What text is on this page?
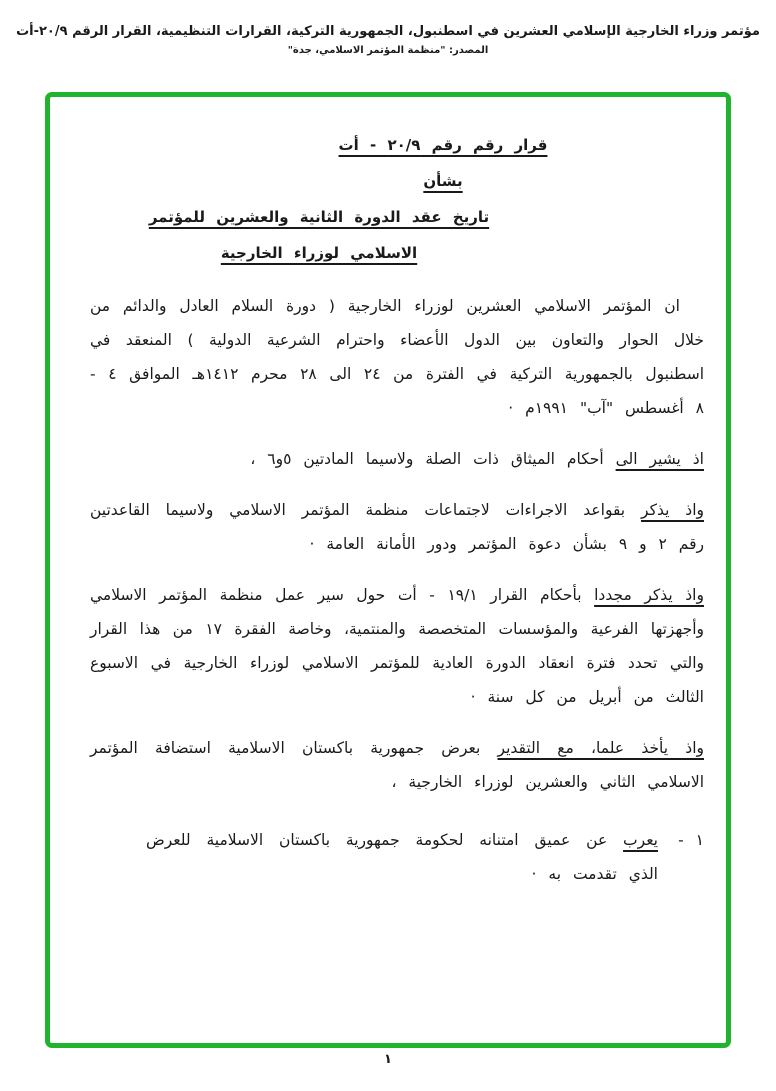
مؤتمر وزراء الخارجية الإسلامي العشرين في اسطنبول، الجمهورية التركية، القرارات التنظيمية، القرار الرقم ٢٠/٩-أت
المصدر: "منظمة المؤتمر الاسلامي، جدة"
قرار رقم رقم ٢٠/٩ - أت
بشأن
تاريخ عقد الدورة الثانية والعشرين للمؤتمر
الاسلامي لوزراء الخارجية

ان المؤتمر الاسلامي العشرين لوزراء الخارجية ( دورة السلام العادل والدائم من خلال الحوار والتعاون بين الدول الأعضاء واحترام الشرعية الدولية ) المنعقد في اسطنبول بالجمهورية التركية في الفترة من ٢٤ الى ٢٨ محرم ١٤١٢هـ الموافق ٤ - ٨ أغسطس "آب" ١٩٩١م ·

اذ يشير الى أحكام الميثاق ذات الصلة ولاسيما المادتين ٥و٦ ،

واذ يذكر بقواعد الاجراءات لاجتماعات منظمة المؤتمر الاسلامي ولاسيما القاعدتين رقم ٢ و ٩ بشأن دعوة المؤتمر ودور الأمانة العامة ·

واذ يذكر مجددا بأحكام القرار ١٩/١ - أت حول سير عمل منظمة المؤتمر الاسلامي وأجهزتها الفرعية والمؤسسات المتخصصة والمنتمية، وخاصة الفقرة ١٧ من هذا القرار والتي تحدد فترة انعقاد الدورة العادية للمؤتمر الاسلامي لوزراء الخارجية في الاسبوع الثالث من أبريل من كل سنة ·

واذ يأخذ علما، مع التقدير بعرض جمهورية باكستان الاسلامية استضافة المؤتمر الاسلامي الثاني والعشرين لوزراء الخارجية ،

١ -
يعرب عن عميق امتنانه لحكومة جمهورية باكستان الاسلامية للعرض الذي تقدمت به ·
١
